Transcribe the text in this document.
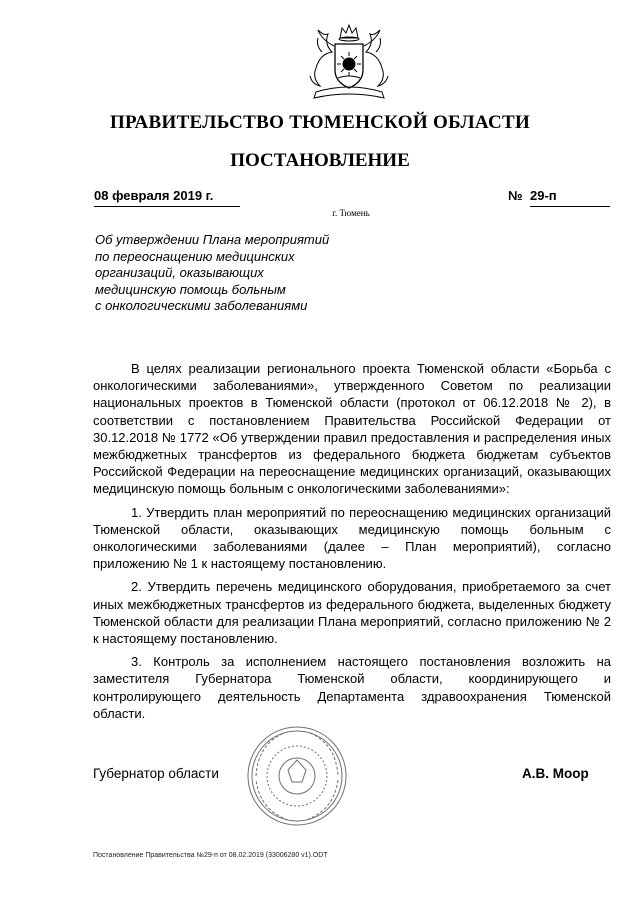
ПРАВИТЕЛЬСТВО ТЮМЕНСКОЙ ОБЛАСТИ
ПОСТАНОВЛЕНИЕ
08 февраля 2019 г.	№ 29-п
г. Тюмень
Об утверждении Плана мероприятий
по переоснащению медицинских
организаций, оказывающих
медицинскую помощь больным
с онкологическими заболеваниями

В целях реализации регионального проекта Тюменской области «Борьба с онкологическими заболеваниями», утвержденного Советом по реализации национальных проектов в Тюменской области (протокол от 06.12.2018 № 2), в соответствии с постановлением Правительства Российской Федерации от 30.12.2018 № 1772 «Об утверждении правил предоставления и распределения иных межбюджетных трансфертов из федерального бюджета бюджетам субъектов Российской Федерации на переоснащение медицинских организаций, оказывающих медицинскую помощь больным с онкологическими заболеваниями»:

1. Утвердить план мероприятий по переоснащению медицинских организаций Тюменской области, оказывающих медицинскую помощь больным с онкологическими заболеваниями (далее – План мероприятий), согласно приложению № 1 к настоящему постановлению.

2. Утвердить перечень медицинского оборудования, приобретаемого за счет иных межбюджетных трансфертов из федерального бюджета, выделенных бюджету Тюменской области для реализации Плана мероприятий, согласно приложению № 2 к настоящему постановлению.

3. Контроль за исполнением настоящего постановления возложить на заместителя Губернатора Тюменской области, координирующего и контролирующего деятельность Департамента здравоохранения Тюменской области.

Губернатор области	А.В. Моор
Постановление Правительства №29-п от 08.02.2019 (33006280 v1).ODT
